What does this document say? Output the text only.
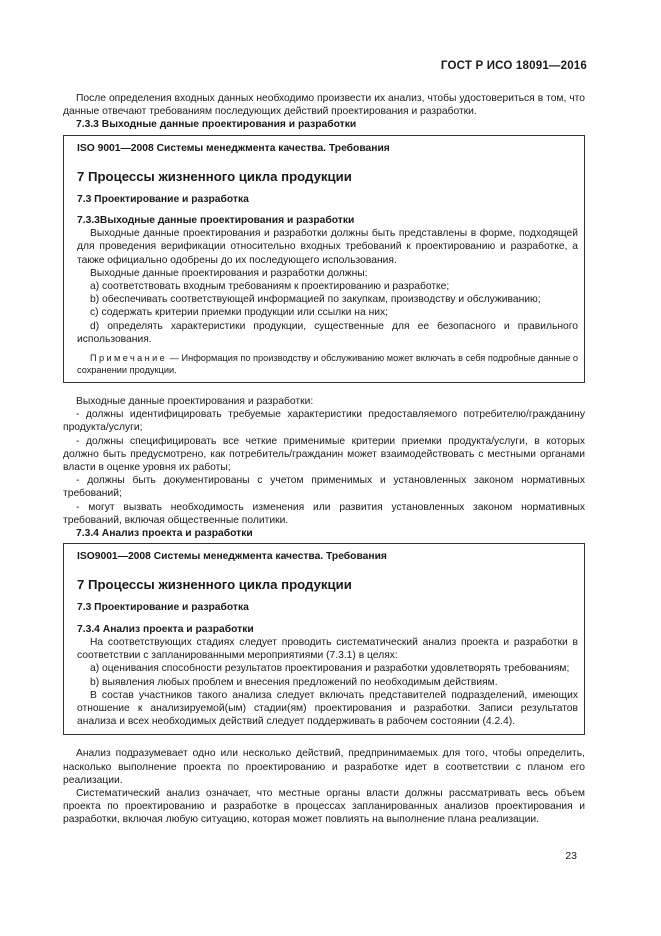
ГОСТ Р ИСО 18091—2016

После определения входных данных необходимо произвести их анализ, чтобы удостовериться в том, что данные отвечают требованиям последующих действий проектирования и разработки.

7.3.3 Выходные данные проектирования и разработки

ISO 9001—2008 Системы менеджмента качества. Требования

7 Процессы жизненного цикла продукции

7.3 Проектирование и разработка

7.3.3Выходные данные проектирования и разработки

Выходные данные проектирования и разработки должны быть представлены в форме, подходящей для проведения верификации относительно входных требований к проектированию и разработке, а также официально одобрены до их последующего использования.

Выходные данные проектирования и разработки должны:

a) соответствовать входным требованиям к проектированию и разработке;

b) обеспечивать соответствующей информацией по закупкам, производству и обслуживанию;

c) содержать критерии приемки продукции или ссылки на них;

d) определять характеристики продукции, существенные для ее безопасного и правильного использования.

Примечание — Информация по производству и обслуживанию может включать в себя подробные данные о сохранении продукции.

Выходные данные проектирования и разработки:

- должны идентифицировать требуемые характеристики предоставляемого потребителю/гражданину продукта/услуги;

- должны специфицировать все четкие применимые критерии приемки продукта/услуги, в которых должно быть предусмотрено, как потребитель/гражданин может взаимодействовать с местными органами власти в оценке уровня их работы;

- должны быть документированы с учетом применимых и установленных законом нормативных требований;

- могут вызвать необходимость изменения или развития установленных законом нормативных требований, включая общественные политики.

7.3.4 Анализ проекта и разработки

ISO9001—2008 Системы менеджмента качества. Требования

7 Процессы жизненного цикла продукции

7.3 Проектирование и разработка

7.3.4 Анализ проекта и разработки

На соответствующих стадиях следует проводить систематический анализ проекта и разработки в соответствии с запланированными мероприятиями (7.3.1) в целях:

a) оценивания способности результатов проектирования и разработки удовлетворять требованиям;

b) выявления любых проблем и внесения предложений по необходимым действиям.

В состав участников такого анализа следует включать представителей подразделений, имеющих отношение к анализируемой(ым) стадии(ям) проектирования и разработки. Записи результатов анализа и всех необходимых действий следует поддерживать в рабочем состоянии (4.2.4).

Анализ подразумевает одно или несколько действий, предпринимаемых для того, чтобы определить, насколько выполнение проекта по проектированию и разработке идет в соответствии с планом его реализации.

Систематический анализ означает, что местные органы власти должны рассматривать весь объем проекта по проектированию и разработке в процессах запланированных анализов проектирования и разработки, включая любую ситуацию, которая может повлиять на выполнение плана реализации.

23
